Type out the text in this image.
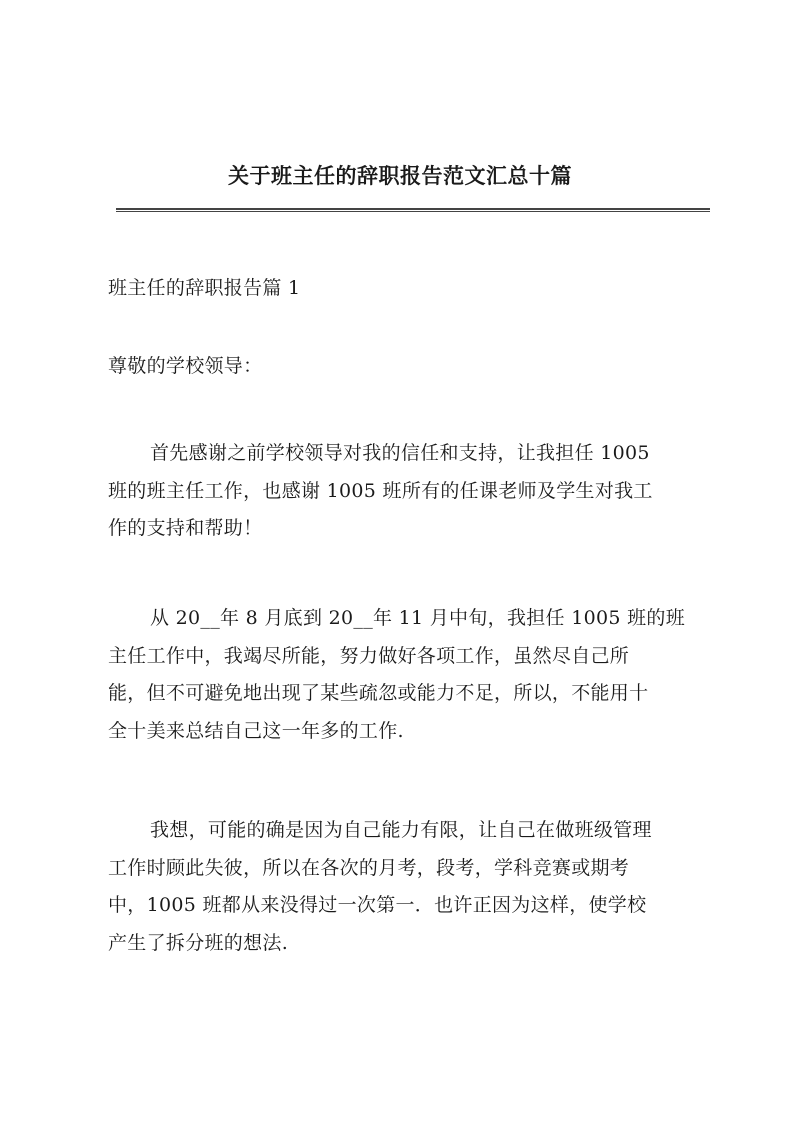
关于班主任的辞职报告范文汇总十篇

班主任的辞职报告篇 1

尊敬的学校领导：

首先感谢之前学校领导对我的信任和支持，让我担任 1005
班的班主任工作，也感谢 1005 班所有的任课老师及学生对我工
作的支持和帮助！

从 20__年 8 月底到 20__年 11 月中旬，我担任 1005 班的班
主任工作中，我竭尽所能，努力做好各项工作，虽然尽自己所
能，但不可避免地出现了某些疏忽或能力不足，所以，不能用十
全十美来总结自己这一年多的工作.

我想，可能的确是因为自己能力有限，让自己在做班级管理
工作时顾此失彼，所以在各次的月考，段考，学科竞赛或期考
中，1005 班都从来没得过一次第一．也许正因为这样，使学校
产生了拆分班的想法.
